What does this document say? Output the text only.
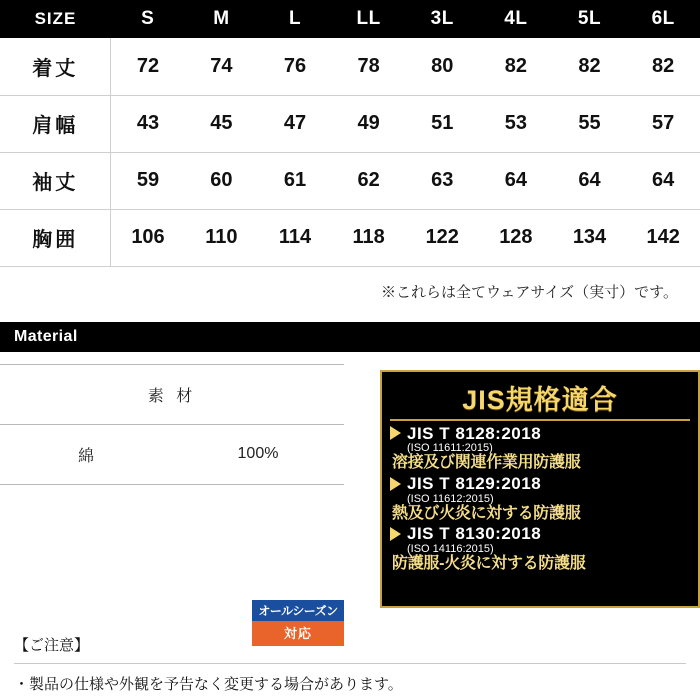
SIZE	S	M	L	LL	3L	4L	5L	6L
着丈	72	74	76	78	80	82	82	82
肩幅	43	45	47	49	51	53	55	57
袖丈	59	60	61	62	63	64	64	64
胸囲	106	110	114	118	122	128	134	142
※これらは全てウェアサイズ（実寸）です。
Material
素 材
綿	100%
JIS規格適合
JIS T 8128:2018
(ISO 11611:2015)
溶接及び関連作業用防護服
JIS T 8129:2018
(ISO 11612:2015)
熱及び火炎に対する防護服
JIS T 8130:2018
(ISO 14116:2015)
防護服-火炎に対する防護服
オールシーズン
対応
【ご注意】
・製品の仕様や外観を予告なく変更する場合があります。
